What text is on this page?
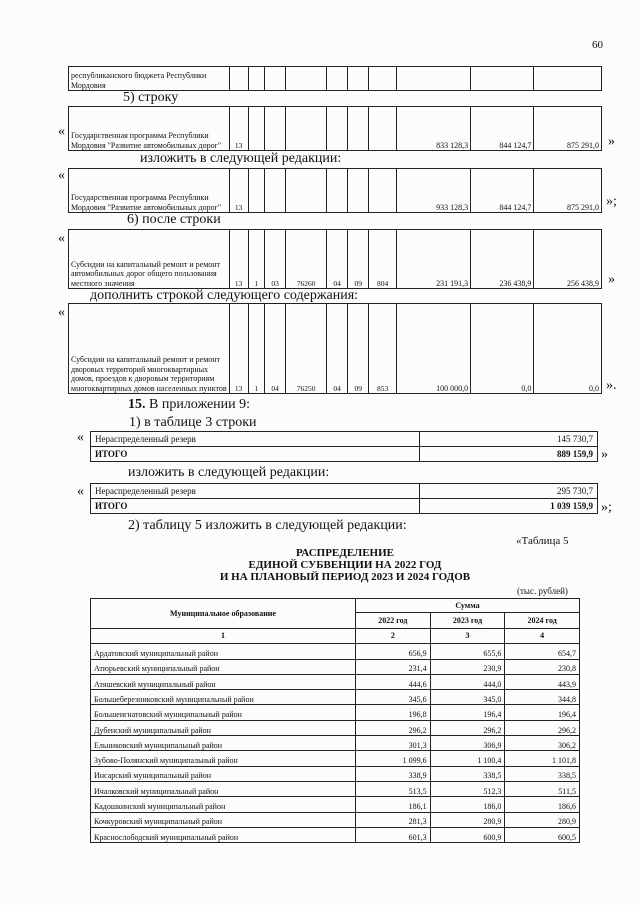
60
республиканского бюджета Республики Мордовия										
5) строку
« Государственная программа Республики Мордовия "Развитие автомобильных дорог"	13							833 128,3	844 124,7	875 291,0 »
изложить в следующей редакции:
«
Государственная программа Республики Мордовия "Развитие автомобильных дорог"	13							933 128,3	844 124,7	875 291,0 »;
6) после строки
«
Субсидии на капитальный ремонт и ремонт автомобильных дорог общего пользования местного значения	13	1	03	76260	04	09	804	231 191,3	236 438,9	256 438,9 »
дополнить строкой следующего содержания:
«
Субсидии на капитальный ремонт и ремонт дворовых территорий многоквартирных домов, проездов к дворовым территориям многоквартирных домов населенных пунктов	13	1	04	76250	04	09	853	100 000,0	0,0	0,0 ».
15. В приложении 9:
1) в таблице 3 строки
« Нераспределенный резерв	145 730,7
ИТОГО	889 159,9 »
изложить в следующей редакции:
« Нераспределенный резерв	295 730,7
ИТОГО	1 039 159,9 »;
2) таблицу 5 изложить в следующей редакции:
«Таблица 5
РАСПРЕДЕЛЕНИЕ
ЕДИНОЙ СУБВЕНЦИИ НА 2022 ГОД
И НА ПЛАНОВЫЙ ПЕРИОД 2023 И 2024 ГОДОВ
(тыс. рублей)
Муниципальное образование	Сумма		
	2022 год	2023 год	2024 год
1	2	3	4
Ардатовский муниципальный район	656,9	655,6	654,7
Атюрьевский муниципальный район	231,4	230,9	230,8
Атяшевский муниципальный район	444,6	444,0	443,9
Большеберезниковский муниципальный район	345,6	345,0	344,8
Большеигнатовский муниципальный район	196,8	196,4	196,4
Дубенский муниципальный район	296,2	296,2	296,2
Ельниковский муниципальный район	301,3	306,9	306,2
Зубово-Полянский муниципальный район	1 099,6	1 100,4	1 101,8
Инсарский муниципальный район	338,9	338,5	338,5
Ичалковский муниципальный район	513,5	512,3	511,5
Кадошкинский муниципальный район	186,1	186,0	186,6
Кочкуровский муниципальный район	281,3	280,9	280,9
Краснослободский муниципальный район	601,3	600,9	600,5
